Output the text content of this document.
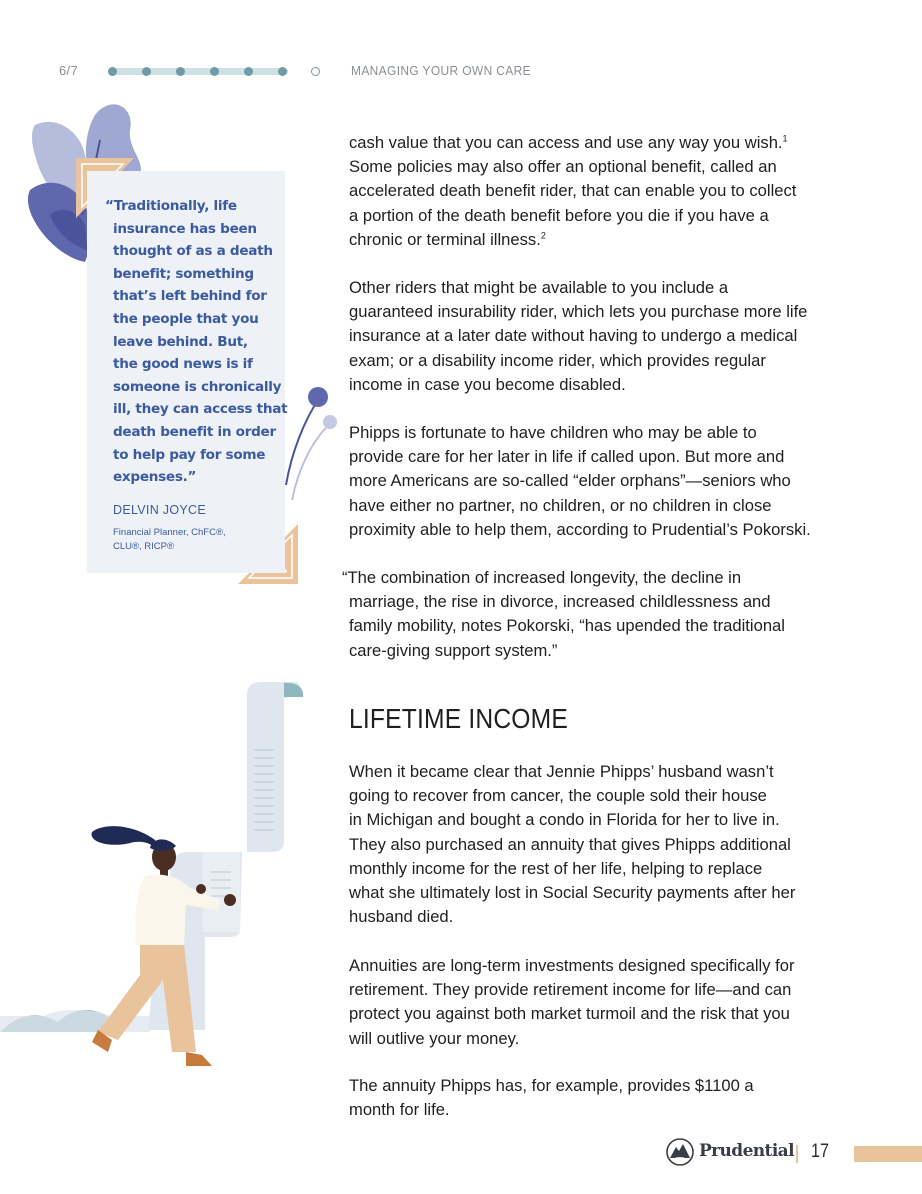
6/7	MANAGING YOUR OWN CARE
“Traditionally, life
insurance has been
thought of as a death
benefit; something
that’s left behind for
the people that you
leave behind. But,
the good news is if
someone is chronically
ill, they can access that
death benefit in order
to help pay for some
expenses.”
DELVIN JOYCE
Financial Planner, ChFC®,
CLU®, RICP®
cash value that you can access and use any way you wish.$^1$
Some policies may also offer an optional benefit, called an
accelerated death benefit rider, that can enable you to collect
a portion of the death benefit before you die if you have a
chronic or terminal illness.$^2$
Other riders that might be available to you include a
guaranteed insurability rider, which lets you purchase more life
insurance at a later date without having to undergo a medical
exam; or a disability income rider, which provides regular
income in case you become disabled.
Phipps is fortunate to have children who may be able to
provide care for her later in life if called upon. But more and
more Americans are so-called “elder orphans”—seniors who
have either no partner, no children, or no children in close
proximity able to help them, according to Prudential’s Pokorski.
“The combination of increased longevity, the decline in
marriage, the rise in divorce, increased childlessness and
family mobility, notes Pokorski, “has upended the traditional
care-giving support system.”
LIFETIME INCOME
When it became clear that Jennie Phipps’ husband wasn’t
going to recover from cancer, the couple sold their house
in Michigan and bought a condo in Florida for her to live in.
They also purchased an annuity that gives Phipps additional
monthly income for the rest of her life, helping to replace
what she ultimately lost in Social Security payments after her
husband died.
Annuities are long-term investments designed specifically for
retirement. They provide retirement income for life—and can
protect you against both market turmoil and the risk that you
will outlive your money.
The annuity Phipps has, for example, provides $1100 a
month for life.
Prudential 17
